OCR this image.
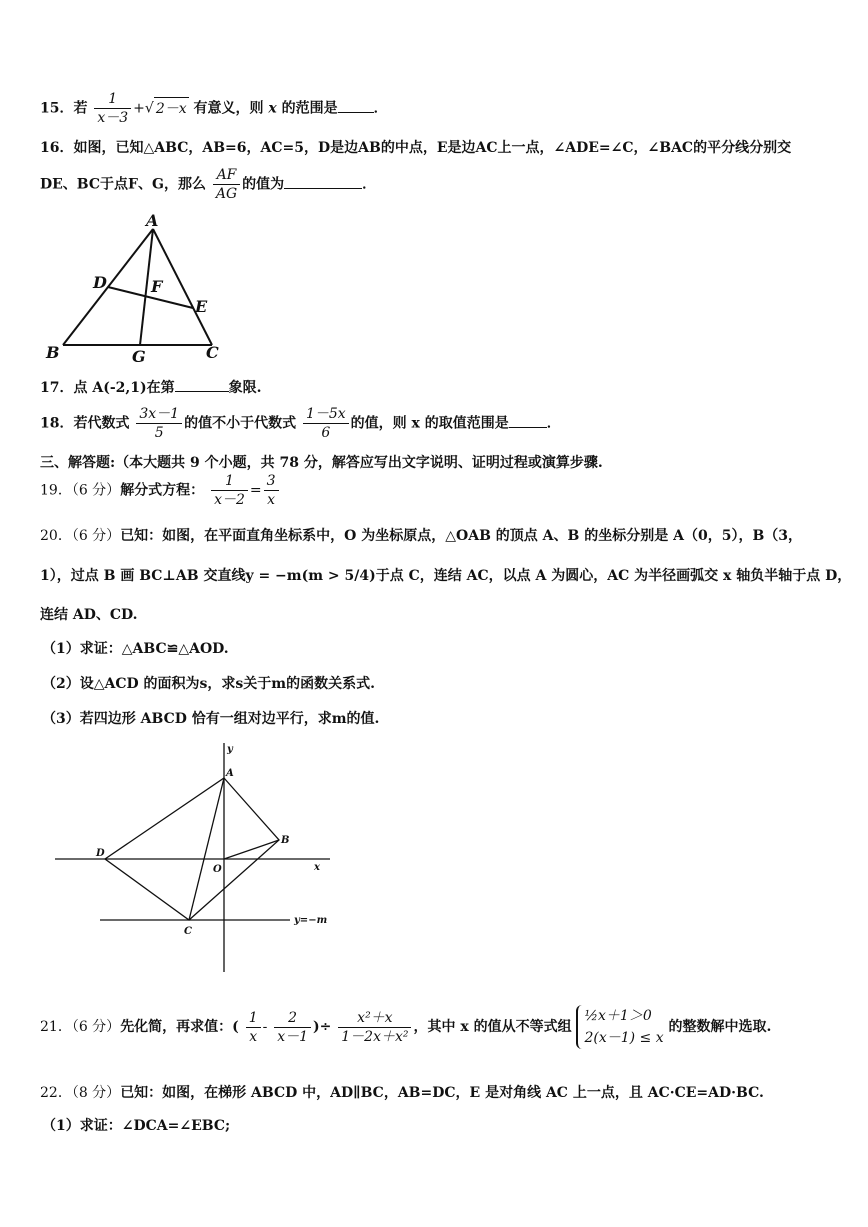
15．若 $\frac{1}{x-3}$ +√ 2－x 有意义，则 x 的范围是	．
16．如图，已知△ABC，AB=6，AC=5，D是边AB的中点，E是边AC上一点，∠ADE=∠C，∠BAC的平分线分别交
DE、BC于点F、G，那么 $\frac{AF}{AG}$ 的值为	．
A
D	F
E
B	G	C
17．点 A(-2,1)在第	象限.
18．若代数式 $\frac{3x-1}{5}$ 的值不小于代数式 $\frac{1-5x}{6}$ 的值，则 x 的取值范围是	．
三、解答题:（本大题共 9 个小题，共 78 分，解答应写出文字说明、证明过程或演算步骤.
19．（6 分）解分式方程： $\frac{1}{x-2} = \frac{3}{x}$
20．（6 分）已知：如图，在平面直角坐标系中，O 为坐标原点，△OAB 的顶点 A、B 的坐标分别是 A（0，5），B（3，
1），过点 B 画 BC⊥AB 交直线y = −m(m > 5/4)于点 C，连结 AC，以点 A 为圆心，AC 为半径画弧交 x 轴负半轴于点 D，
连结 AD、CD.
（1）求证：△ABC≌△AOD.
（2）设△ACD 的面积为s，求s关于m的函数关系式.
（3）若四边形 ABCD 恰有一组对边平行，求m的值.
y
A
B
D
O	x
C
y=−m
21．（6 分）先化简，再求值：( $\frac{1}{x} - \frac{2}{x-1}$ )÷ $\frac{\text{x²＋x}}{\text{1－2x＋x²}}$ ，其中 x 的值从不等式组
½x＋1＞0
2(x－1) ≤ x
的整数解中选取.
22．（8 分）已知：如图，在梯形 ABCD 中，AD∥BC，AB=DC，E 是对角线 AC 上一点，且 AC·CE=AD·BC.
（1）求证：∠DCA=∠EBC;
